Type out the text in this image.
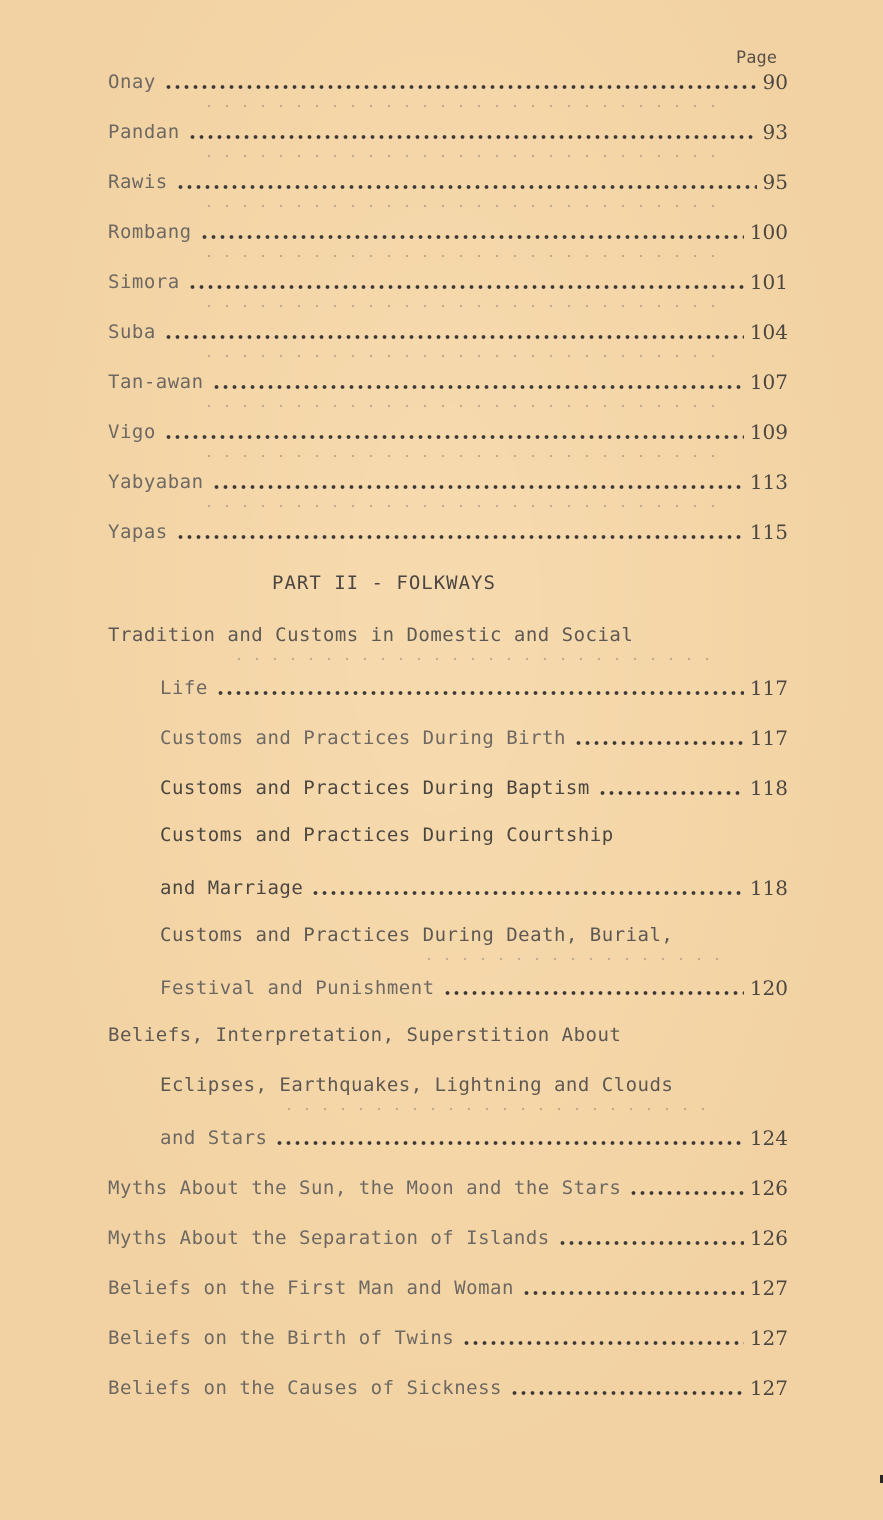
Page
Onay	90
Pandan	93
Rawis	95
Rombang	100
Simora	101
Suba	104
Tan-awan	107
Vigo	109
Yabyaban	113
Yapas	115
PART II - FOLKWAYS
Tradition and Customs in Domestic and Social
Life	117
Customs and Practices During Birth	117
Customs and Practices During Baptism	118
Customs and Practices During Courtship
and Marriage	118
Customs and Practices During Death, Burial,
Festival and Punishment	120
Beliefs, Interpretation, Superstition About
Eclipses, Earthquakes, Lightning and Clouds
and Stars	124
Myths About the Sun, the Moon and the Stars	126
Myths About the Separation of Islands	126
Beliefs on the First Man and Woman	127
Beliefs on the Birth of Twins	127
Beliefs on the Causes of Sickness	127
